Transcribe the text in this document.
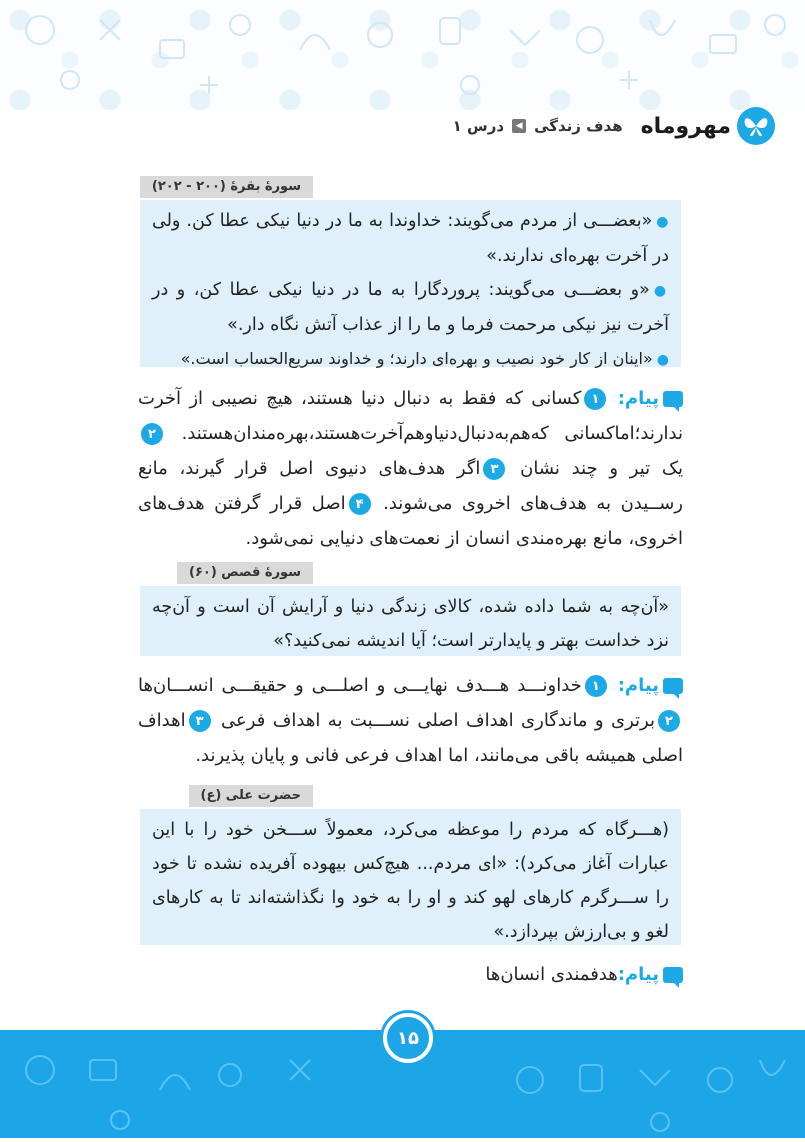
مهروماه
هدف زندگی
◀
درس ۱
سورهٔ بقرهٔ (۲۰۰ - ۲۰۲)
●«بعضـــی از مردم می‌گویند: خداوندا به ما در دنیا نیکی عطا کن. ولی در آخرت بهره‌ای ندارند.»
●«و بعضـــی می‌گویند: پروردگارا به ما در دنیا نیکی عطا کن، و در آخرت نیز نیکی مرحمت فرما و ما را از عذاب آتش نگاه دار.»
●«اینان از کار خود نصیب و بهره‌ای دارند؛ و خداوند سریع‌الحساب است.»
پیام: ۱کسانی که فقط به دنبال دنیا هستند، هیچ نصیبی از آخرت ندارند؛اماکسانی که‌هم‌به‌دنبال‌دنیاوهم‌آخرت‌هستند،بهره‌مندان‌هستند. ۲یک تیر و چند نشان ۳اگر هدف‌های دنیوی اصل قرار گیرند، مانع رســیدن به هدف‌های اخروی می‌شوند. ۴اصل قرار گرفتن هدف‌های اخروی، مانع بهره‌مندی انسان از نعمت‌های دنیایی نمی‌شود.
سورهٔ قصص (۶۰)
«آن‌چه به شما داده شده، کالای زندگی دنیا و آرایش آن است و آن‌چه نزد خداست بهتر و پایدارتر است؛ آیا اندیشه نمی‌کنید؟»
پیام: ۱خداونـــد هـــدف نهایـــی و اصلـــی و حقیقـــی انســـان‌ها ۲برتری و ماندگاری اهداف اصلی نســـبت به اهداف فرعی ۳اهداف اصلی همیشه باقی می‌مانند، اما اهداف فرعی فانی و پایان پذیرند.
حضرت علی (ع)
(هـــرگاه که مردم را موعظه می‌کرد، معمولاً ســـخن خود را با این عبارات آغاز می‌کرد): «ای مردم... هیچ‌کس بیهوده آفریده نشده تا خود را ســـرگرم کارهای لهو کند و او را به خود وا نگذاشته‌اند تا به کارهای لغو و بی‌ارزش بپردازد.»
پیام:هدفمندی انسان‌ها
۱۵
